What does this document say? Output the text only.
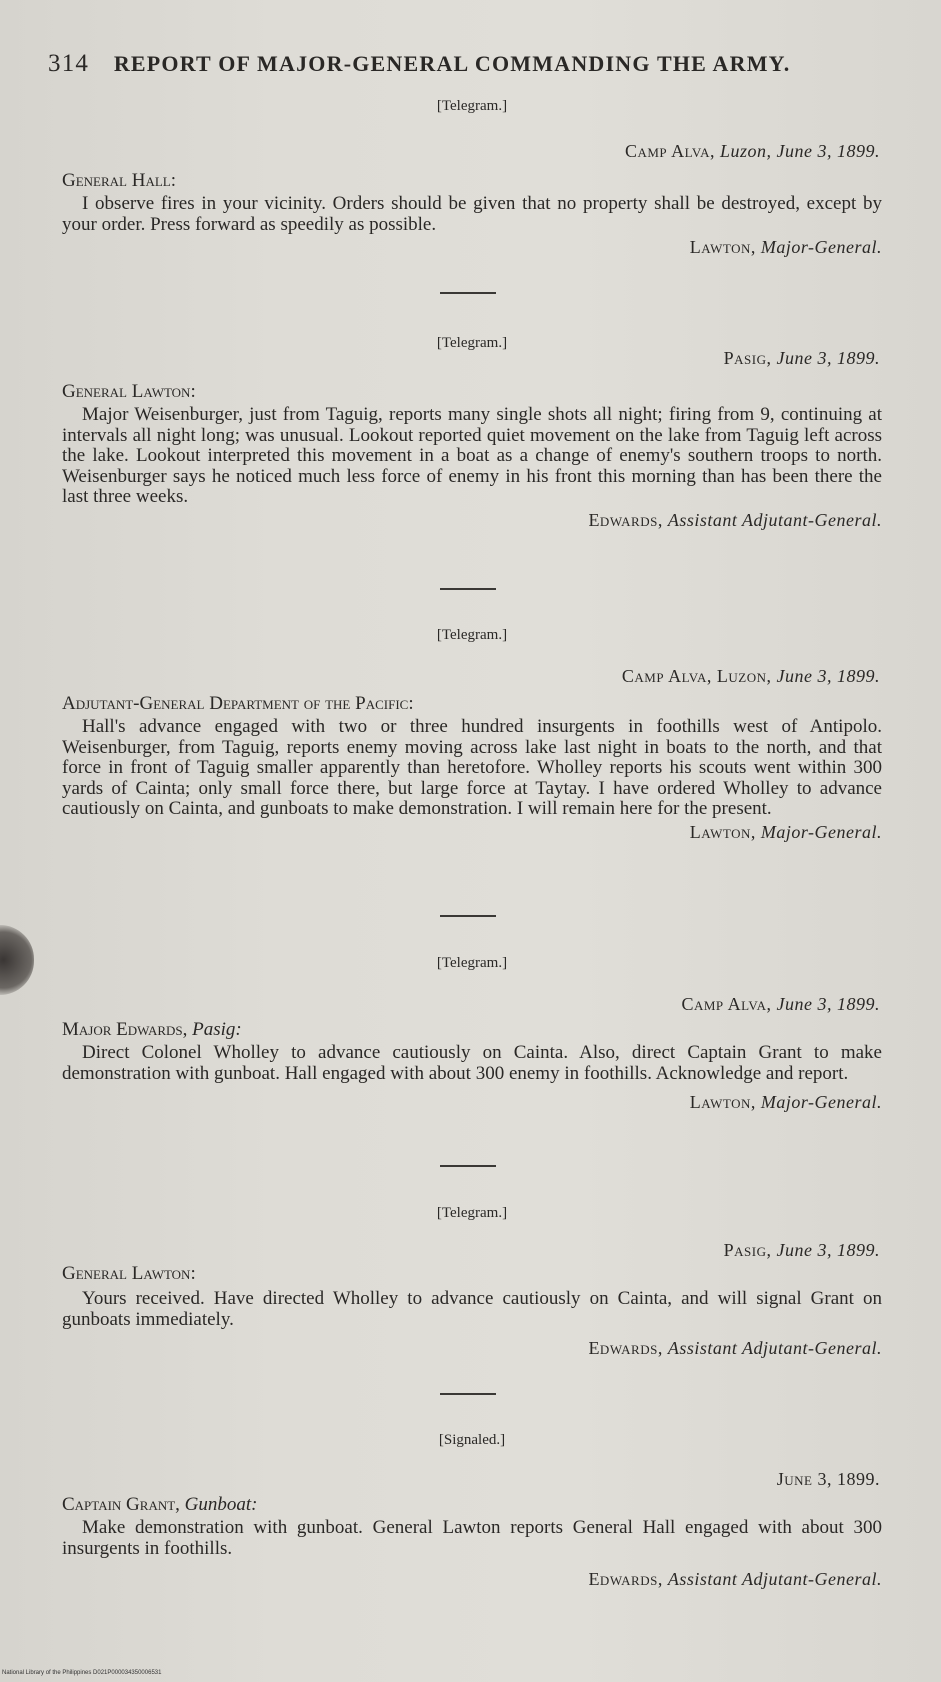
314 REPORT OF MAJOR-GENERAL COMMANDING THE ARMY.
[Telegram.]
Camp Alva, Luzon, June 3, 1899.
General Hall:
I observe fires in your vicinity. Orders should be given that no property shall be destroyed, except by your order. Press forward as speedily as possible.
Lawton, Major-General.
[Telegram.]
Pasig, June 3, 1899.
General Lawton:
Major Weisenburger, just from Taguig, reports many single shots all night; firing from 9, continuing at intervals all night long; was unusual. Lookout reported quiet movement on the lake from Taguig left across the lake. Lookout interpreted this movement in a boat as a change of enemy's southern troops to north. Weisenburger says he noticed much less force of enemy in his front this morning than has been there the last three weeks.
Edwards, Assistant Adjutant-General.
[Telegram.]
Camp Alva, Luzon, June 3, 1899.
Adjutant-General Department of the Pacific:
Hall's advance engaged with two or three hundred insurgents in foothills west of Antipolo. Weisenburger, from Taguig, reports enemy moving across lake last night in boats to the north, and that force in front of Taguig smaller apparently than heretofore. Wholley reports his scouts went within 300 yards of Cainta; only small force there, but large force at Taytay. I have ordered Wholley to advance cautiously on Cainta, and gunboats to make demonstration. I will remain here for the present.
Lawton, Major-General.
[Telegram.]
Camp Alva, June 3, 1899.
Major Edwards, Pasig:
Direct Colonel Wholley to advance cautiously on Cainta. Also, direct Captain Grant to make demonstration with gunboat. Hall engaged with about 300 enemy in foothills. Acknowledge and report.
Lawton, Major-General.
[Telegram.]
Pasig, June 3, 1899.
General Lawton:
Yours received. Have directed Wholley to advance cautiously on Cainta, and will signal Grant on gunboats immediately.
Edwards, Assistant Adjutant-General.
[Signaled.]
June 3, 1899.
Captain Grant, Gunboat:
Make demonstration with gunboat. General Lawton reports General Hall engaged with about 300 insurgents in foothills.
Edwards, Assistant Adjutant-General.
National Library of the Philippines D021P000034350006531
